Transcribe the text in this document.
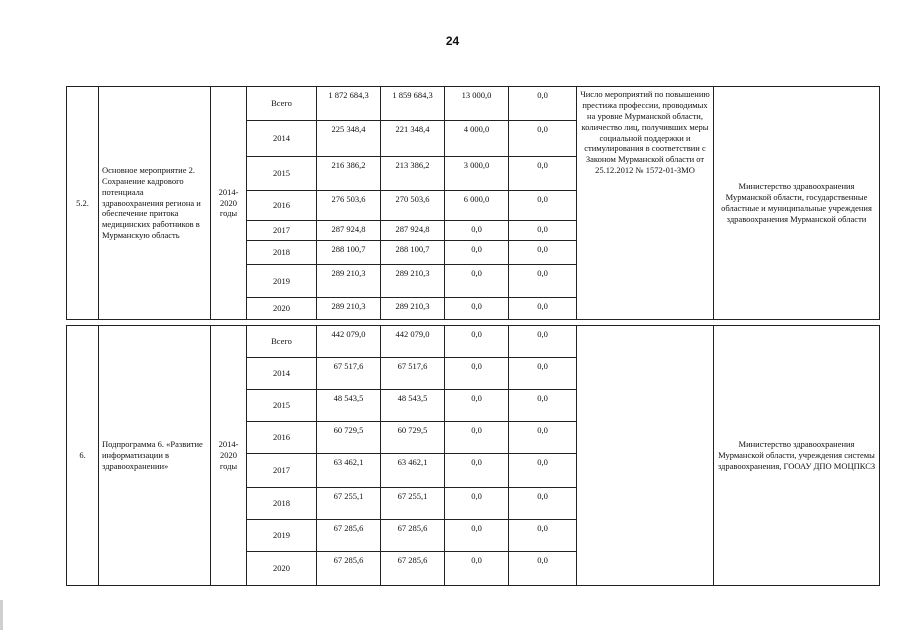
24
5.2.	Основное мероприятие 2. Сохранение кадрового потенциала здравоохранения региона и обеспечение притока медицинских работников в Мурманскую область	2014-2020 годы	Всего	1 872 684,3	1 859 684,3	13 000,0	0,0	Число мероприятий по повышению престижа профессии, проводимых на уровне Мурманской области, количество лиц, получивших меры социальной поддержки и стимулирования в соответствии с Законом Мурманской области от 25.12.2012 № 1572-01-ЗМО	Министерство здравоохранения Мурманской области, государственные областные и муниципальные учреждения здравоохранения Мурманской области
			2014	225 348,4	221 348,4	4 000,0	0,0		
			2015	216 386,2	213 386,2	3 000,0	0,0		
			2016	276 503,6	270 503,6	6 000,0	0,0		
			2017	287 924,8	287 924,8	0,0	0,0		
			2018	288 100,7	288 100,7	0,0	0,0		
			2019	289 210,3	289 210,3	0,0	0,0		
			2020	289 210,3	289 210,3	0,0	0,0		

6.	Подпрограмма 6. «Развитие информатизации в здравоохранении»	2014-2020 годы	Всего	442 079,0	442 079,0	0,0	0,0		Министерство здравоохранения Мурманской области, учреждения системы здравоохранения, ГООАУ ДПО МОЦПКСЗ
			2014	67 517,6	67 517,6	0,0	0,0		
			2015	48 543,5	48 543,5	0,0	0,0		
			2016	60 729,5	60 729,5	0,0	0,0		
			2017	63 462,1	63 462,1	0,0	0,0		
			2018	67 255,1	67 255,1	0,0	0,0		
			2019	67 285,6	67 285,6	0,0	0,0		
			2020	67 285,6	67 285,6	0,0	0,0		
